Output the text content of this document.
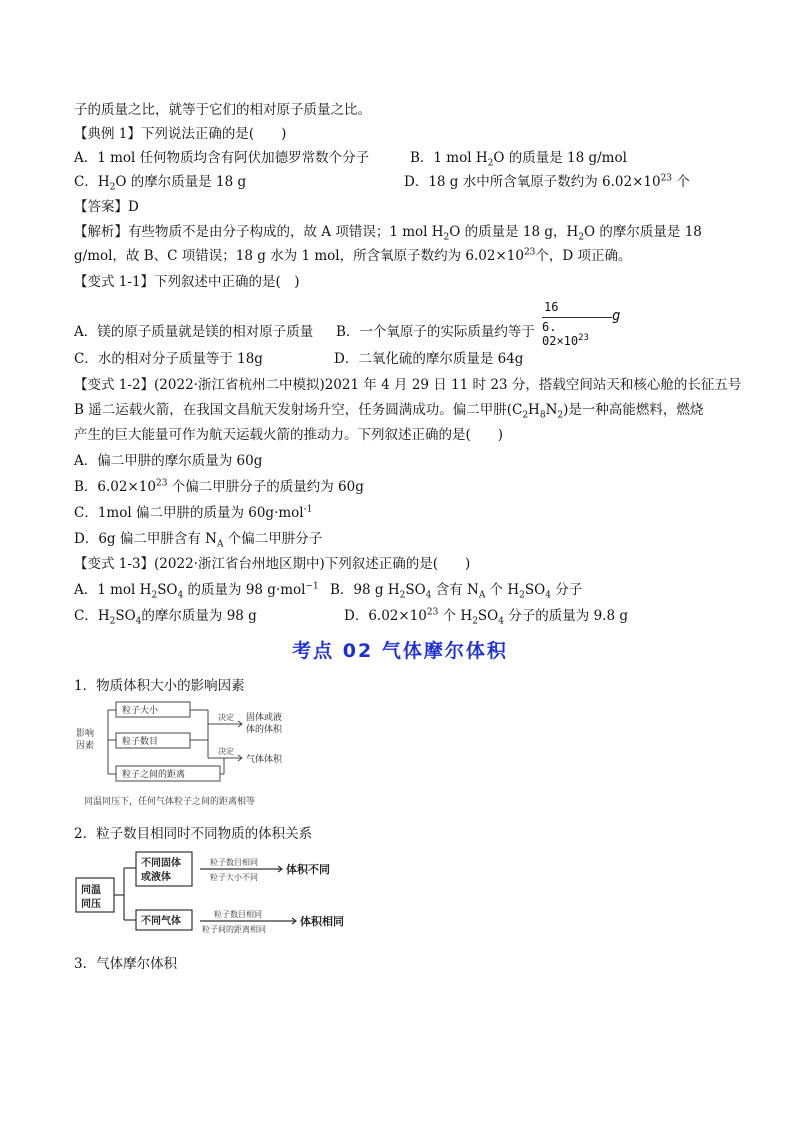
子的质量之比，就等于它们的相对原子质量之比。
【典例 1】下列说法正确的是(　　)
A．1 mol 任何物质均含有阿伏加德罗常数个分子	B．1 mol $H_2O$ 的质量是 18 g/mol
C．$H_2O$ 的摩尔质量是 18 g	D．18 g 水中所含氧原子数约为 $6.02\times 10^{23}$ 个
【答案】D
【解析】有些物质不是由分子构成的，故 A 项错误；1 mol $H_2O$ 的质量是 18 g，$H_2O$ 的摩尔质量是 18
g/mol，故 B、C 项错误；18 g 水为 1 mol，所含氧原子数约为 $6.02\times 10^{23}$个，D 项正确。
【变式 1-1】下列叙述中正确的是(　)
A．镁的原子质量就是镁的相对原子质量 B．一个氧原子的实际质量约等于
16
6. $02\times 10^{23}$
g
C．水的相对分子质量等于 18g	D．二氧化硫的摩尔质量是 64g
【变式 1-2】(2022·浙江省杭州二中模拟)2021 年 4 月 29 日 11 时 23 分，搭载空间站天和核心舱的长征五号
B 遥二运载火箭，在我国文昌航天发射场升空，任务圆满成功。偏二甲肼$(C_2H_8N_2)$是一种高能燃料，燃烧
产生的巨大能量可作为航天运载火箭的推动力。下列叙述正确的是(　　)
A．偏二甲肼的摩尔质量为 60g
B．$6.02\times 10^{23}$ 个偏二甲肼分子的质量约为 60g
C．1mol 偏二甲肼的质量为 60g·mol$^{-1}$
D．6g 偏二甲肼含有 $N_A$ 个偏二甲肼分子
【变式 1-3】(2022·浙江省台州地区期中)下列叙述正确的是(　　)
A．1 mol $H_2SO_4$ 的质量为 98 g·mol$^{-1}$ B．98 g $H_2SO_4$ 含有 $N_A$ 个 $H_2SO_4$ 分子
C．$H_2SO_4$的摩尔质量为 98 g	D．$6.02\times 10^{23}$ 个 $H_2SO_4$ 分子的质量为 9.8 g
考点 02 气体摩尔体积
1．物质体积大小的影响因素
影响
因素
粒子大小
粒子数目
粒子之间的距离
决定
决定
固体或液
体的体积
气体体积
同温同压下，任何气体粒子之间的距离相等
2．粒子数目相同时不同物质的体积关系
同温
同压
不同固体
或液体
不同气体
粒子数目相同
粒子大小不同
粒子数目相同
粒子间的距离相同
体积不同
体积相同
3．气体摩尔体积
